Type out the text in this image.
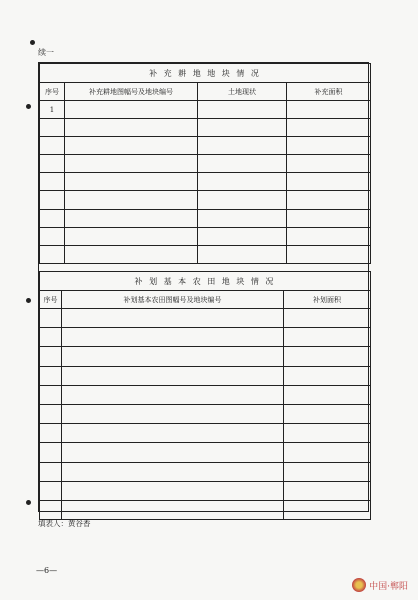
续一
补 充 耕 地 地 块 情 况			
序号	补充耕地图幅号及地块编号	土地现状	补充面积
1			

补 划 基 本 农 田 地 块 情 况		
序号	补划基本农田图幅号及地块编号	补划面积

填表人：黄谷香
—6—
中国·郸阳
